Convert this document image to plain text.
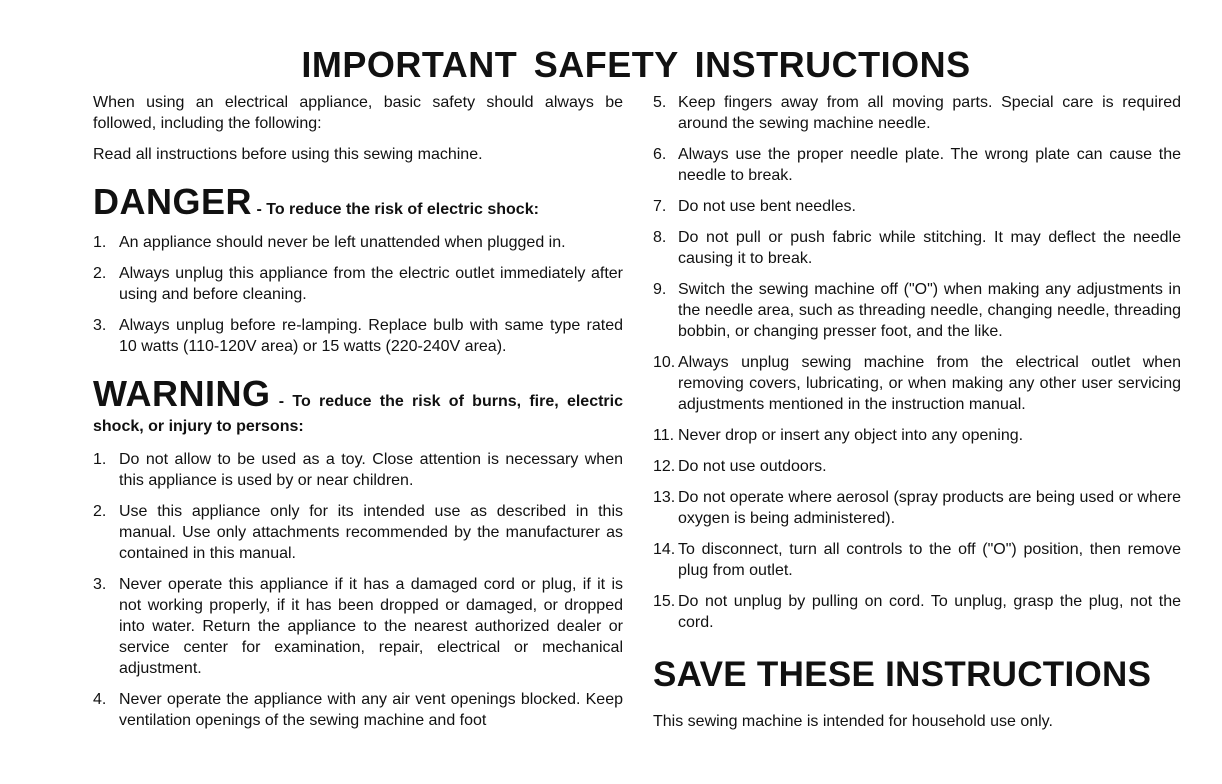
IMPORTANT SAFETY INSTRUCTIONS

When using an electrical appliance, basic safety should always be followed, including the following:

Read all instructions before using this sewing machine.

DANGER - To reduce the risk of electric shock:
1. An appliance should never be left unattended when plugged in.
2. Always unplug this appliance from the electric outlet immediately after using and before cleaning.
3. Always unplug before re-lamping. Replace bulb with same type rated 10 watts (110-120V area) or 15 watts (220-240V area).

WARNING - To reduce the risk of burns, fire, electric shock, or injury to persons:

1. Do not allow to be used as a toy. Close attention is necessary when this appliance is used by or near children.
2. Use this appliance only for its intended use as described in this manual. Use only attachments recommended by the manufacturer as contained in this manual.
3. Never operate this appliance if it has a damaged cord or plug, if it is not working properly, if it has been dropped or damaged, or dropped into water. Return the appliance to the nearest authorized dealer or service center for examination, repair, electrical or mechanical adjustment.
4. Never operate the appliance with any air vent openings blocked. Keep ventilation openings of the sewing machine and foot
5. Keep fingers away from all moving parts. Special care is required around the sewing machine needle.
6. Always use the proper needle plate. The wrong plate can cause the needle to break.
7. Do not use bent needles.
8. Do not pull or push fabric while stitching. It may deflect the needle causing it to break.
9. Switch the sewing machine off ("O") when making any adjustments in the needle area, such as threading needle, changing needle, threading bobbin, or changing presser foot, and the like.
10. Always unplug sewing machine from the electrical outlet when removing covers, lubricating, or when making any other user servicing adjustments mentioned in the instruction manual.
11. Never drop or insert any object into any opening.
12. Do not use outdoors.
13. Do not operate where aerosol (spray products are being used or where oxygen is being administered).
14. To disconnect, turn all controls to the off ("O") position, then remove plug from outlet.
15. Do not unplug by pulling on cord. To unplug, grasp the plug, not the cord.
SAVE THESE INSTRUCTIONS

This sewing machine is intended for household use only.
